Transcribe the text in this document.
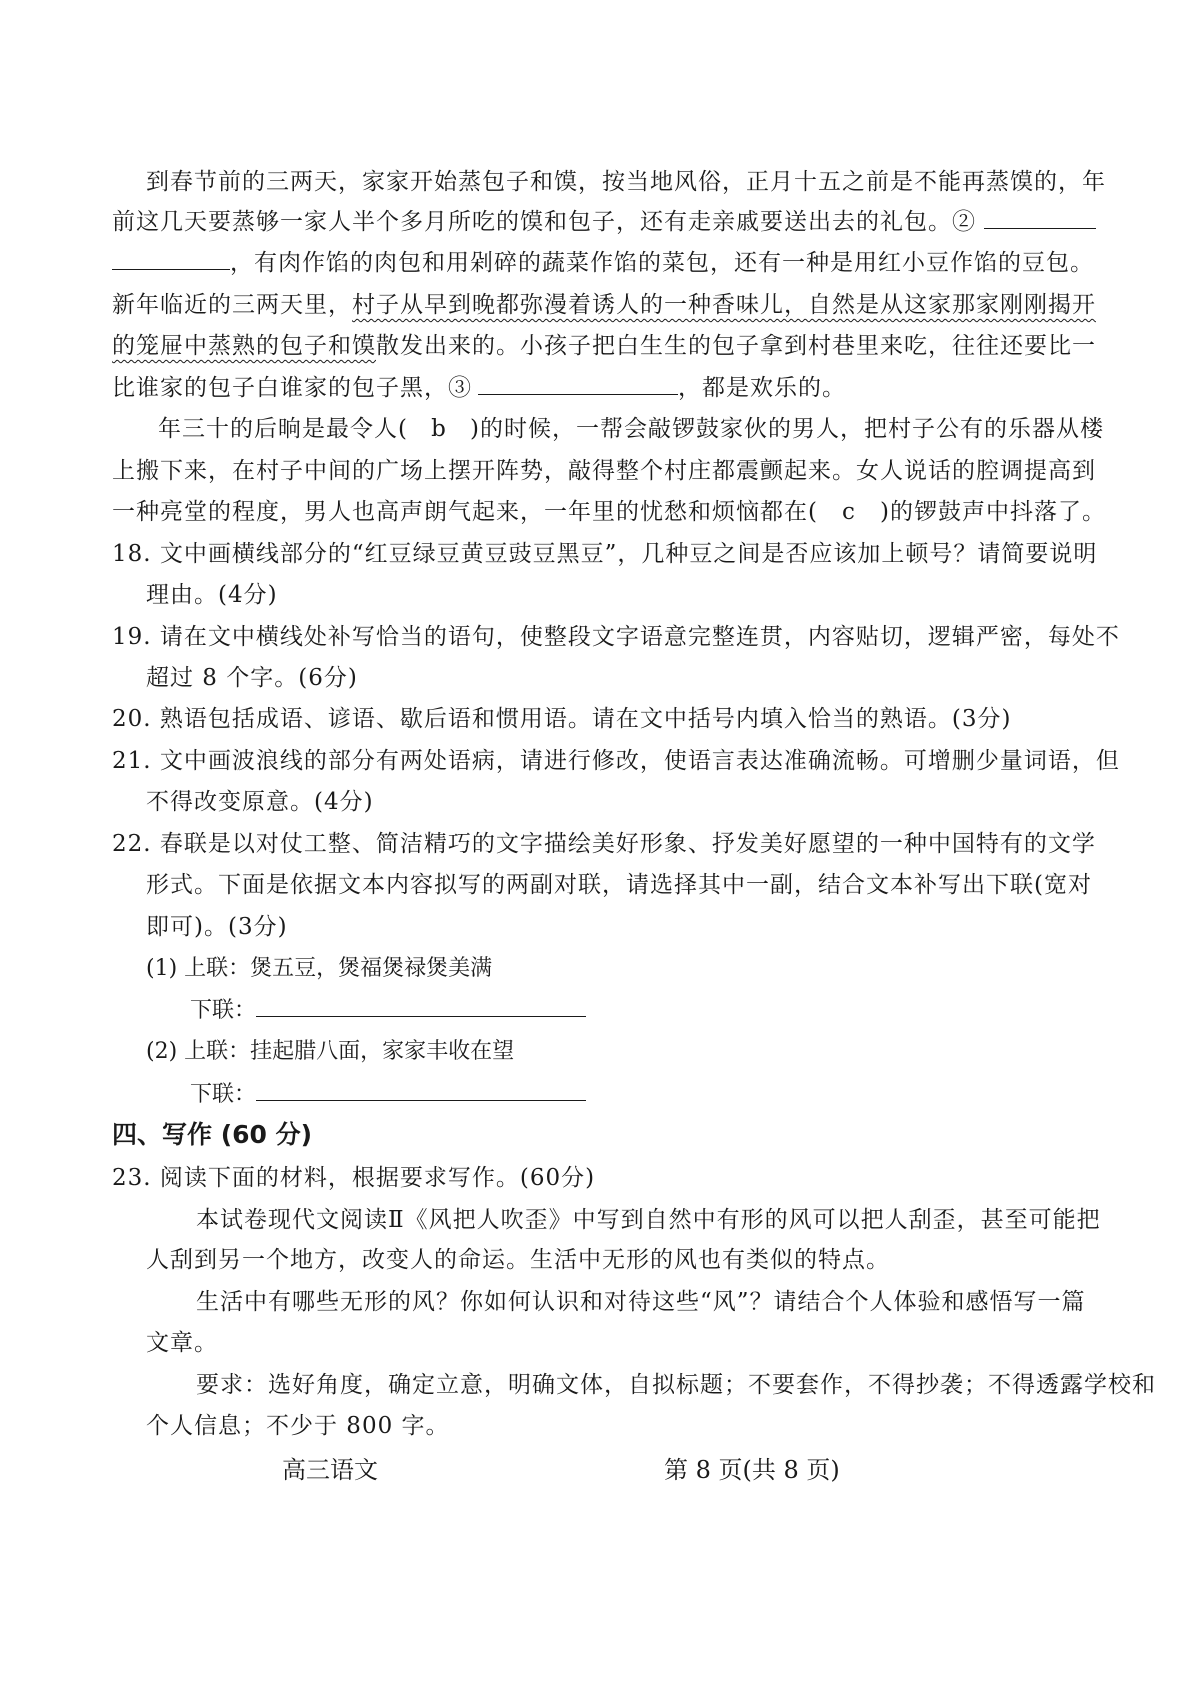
到春节前的三两天，家家开始蒸包子和馍，按当地风俗，正月十五之前是不能再蒸馍的，年
前这几天要蒸够一家人半个多月所吃的馍和包子，还有走亲戚要送出去的礼包。②
，有肉作馅的肉包和用剁碎的蔬菜作馅的菜包，还有一种是用红小豆作馅的豆包。
新年临近的三两天里，村子从早到晚都弥漫着诱人的一种香味儿，自然是从这家那家刚刚揭开
的笼屉中蒸熟的包子和馍散发出来的。小孩子把白生生的包子拿到村巷里来吃，往往还要比一
比谁家的包子白谁家的包子黑，③	，都是欢乐的。
年三十的后晌是最令人( b )的时候，一帮会敲锣鼓家伙的男人，把村子公有的乐器从楼
上搬下来，在村子中间的广场上摆开阵势，敲得整个村庄都震颤起来。女人说话的腔调提高到
一种亮堂的程度，男人也高声朗气起来，一年里的忧愁和烦恼都在( c )的锣鼓声中抖落了。
18. 文中画横线部分的“红豆绿豆黄豆豉豆黑豆”，几种豆之间是否应该加上顿号？请简要说明
理由。(4分)
19. 请在文中横线处补写恰当的语句，使整段文字语意完整连贯，内容贴切，逻辑严密，每处不
超过 8 个字。(6分)
20. 熟语包括成语、谚语、歇后语和惯用语。请在文中括号内填入恰当的熟语。(3分)
21. 文中画波浪线的部分有两处语病，请进行修改，使语言表达准确流畅。可增删少量词语，但
不得改变原意。(4分)
22. 春联是以对仗工整、简洁精巧的文字描绘美好形象、抒发美好愿望的一种中国特有的文学
形式。下面是依据文本内容拟写的两副对联，请选择其中一副，结合文本补写出下联(宽对
即可)。(3分)
(1) 上联：煲五豆，煲福煲禄煲美满
下联：
(2) 上联：挂起腊八面，家家丰收在望
下联：
四、写作 (60 分)
23. 阅读下面的材料，根据要求写作。(60分)
本试卷现代文阅读Ⅱ《风把人吹歪》中写到自然中有形的风可以把人刮歪，甚至可能把
人刮到另一个地方，改变人的命运。生活中无形的风也有类似的特点。
生活中有哪些无形的风？你如何认识和对待这些“风”？请结合个人体验和感悟写一篇
文章。
要求：选好角度，确定立意，明确文体，自拟标题；不要套作，不得抄袭；不得透露学校和
个人信息；不少于 800 字。
高三语文	第 8 页(共 8 页)
